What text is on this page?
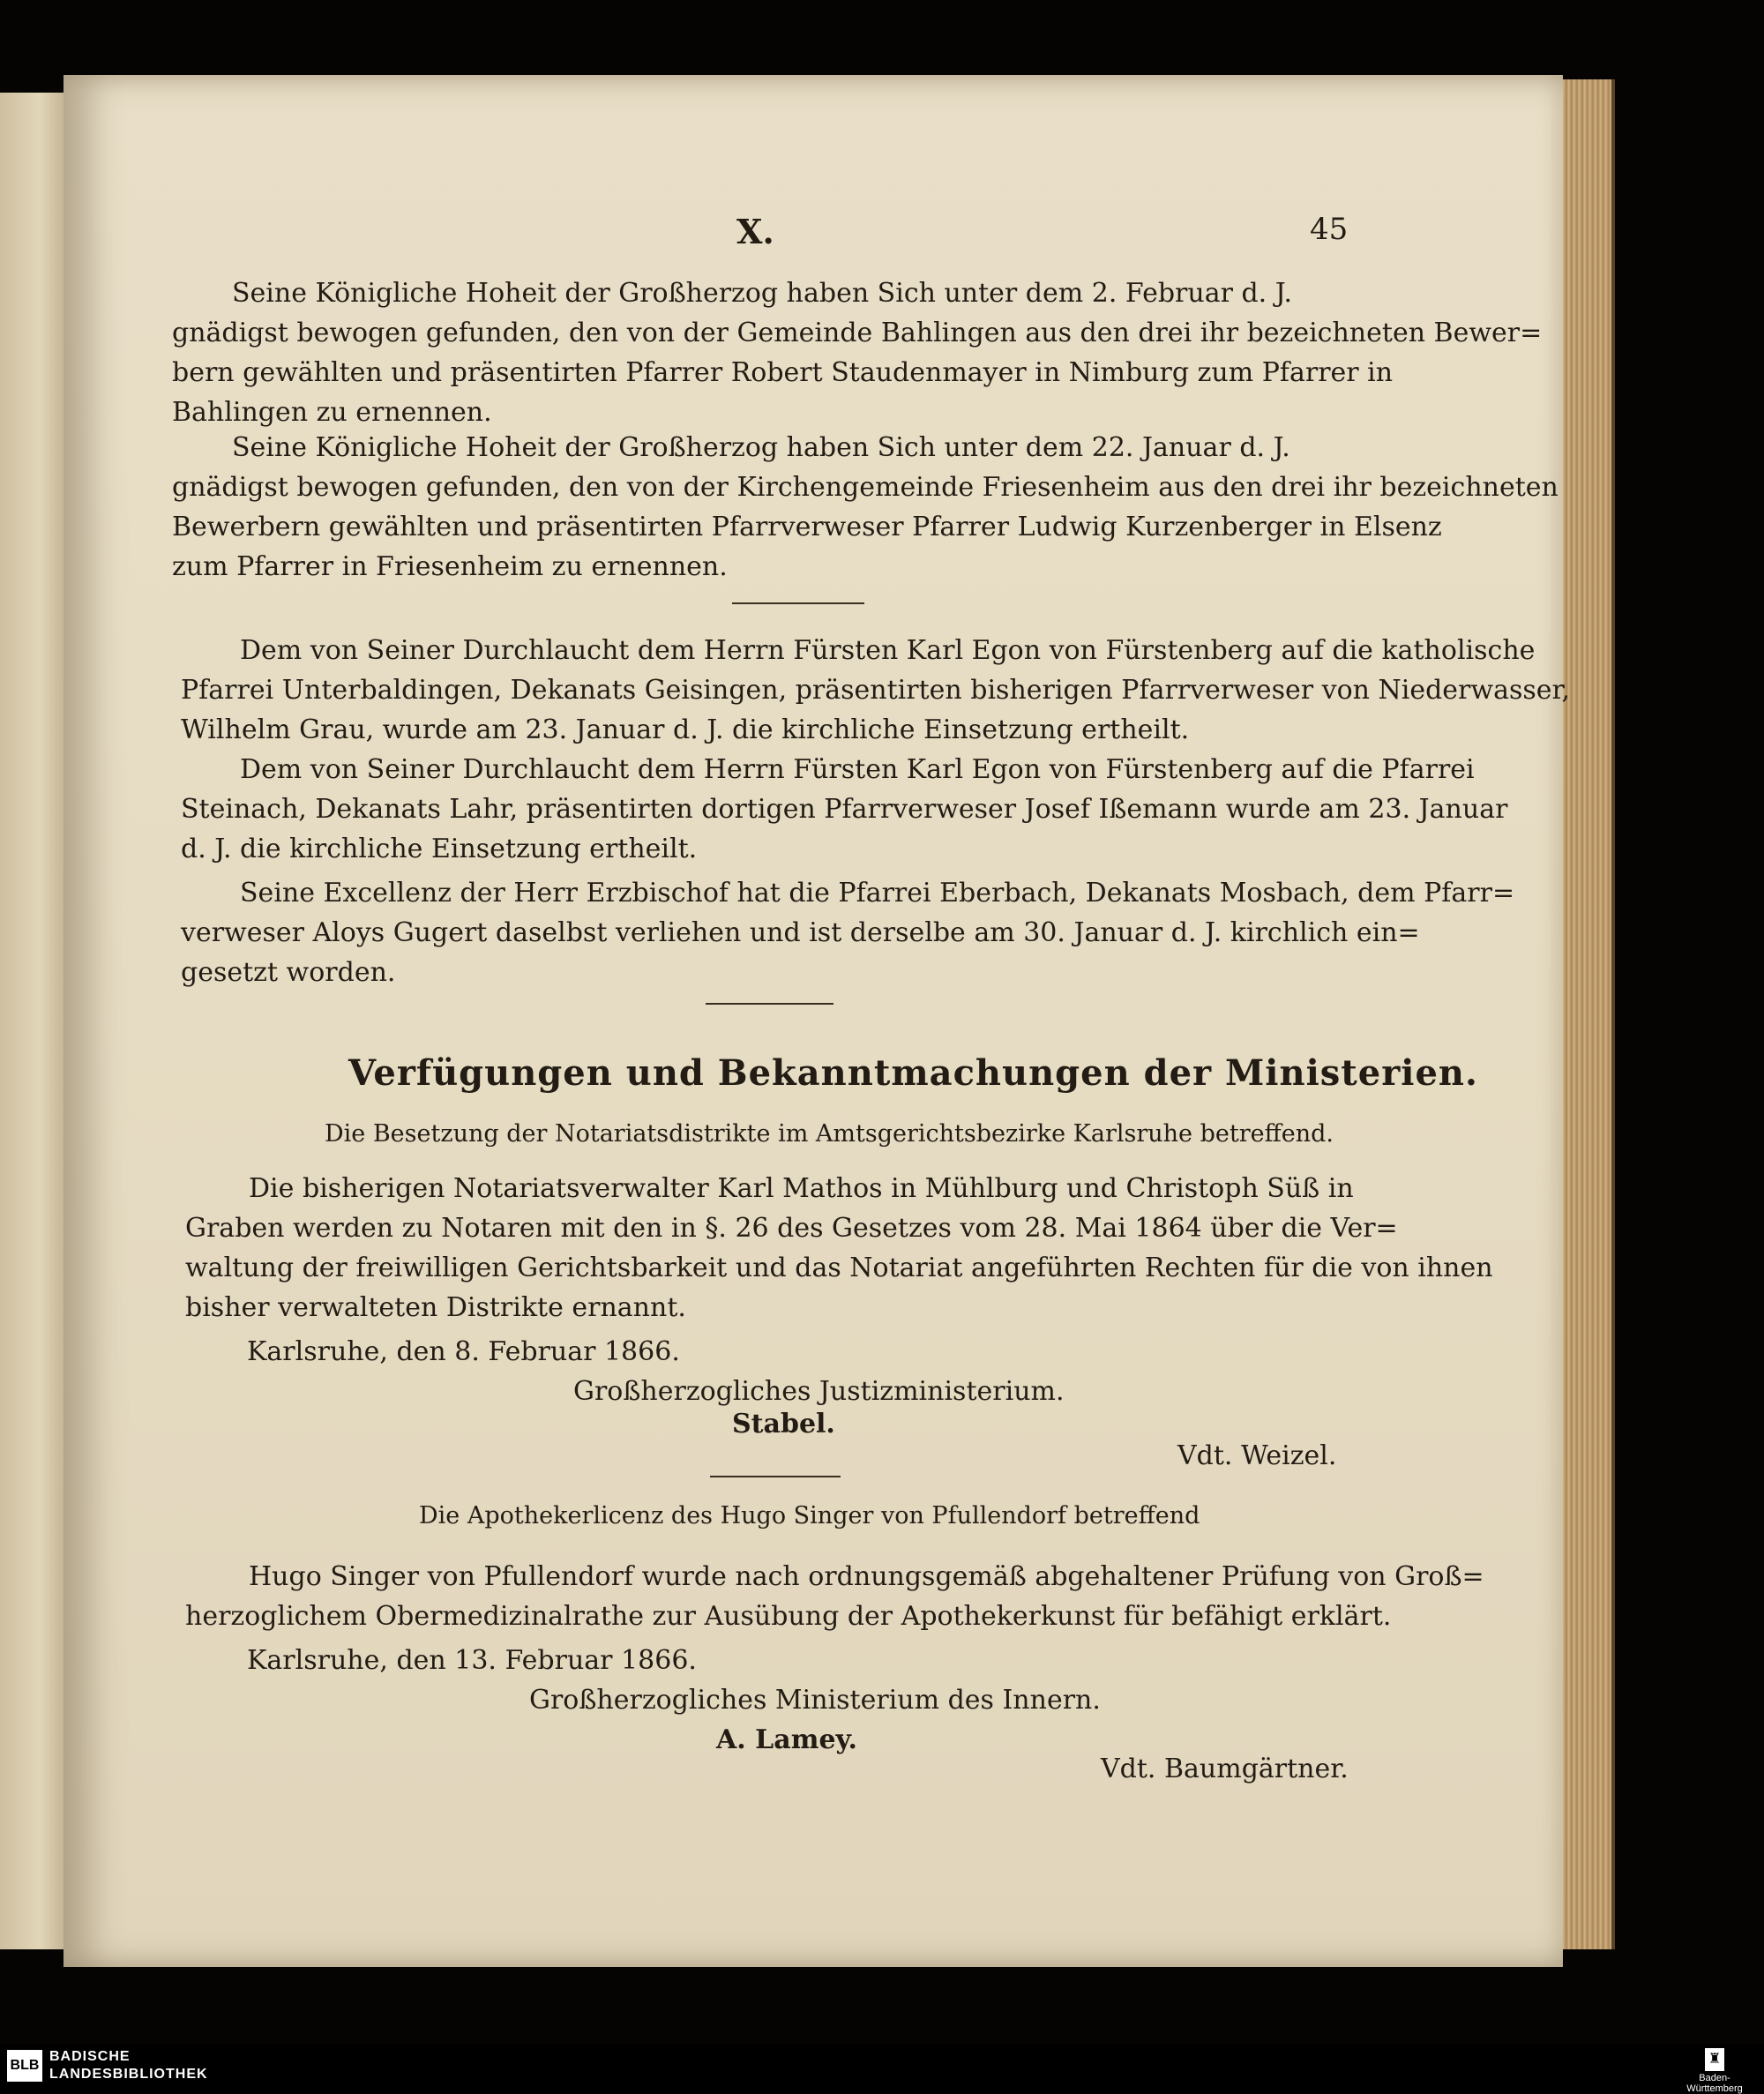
X.	45
Seine Königliche Hoheit der Großherzog haben Sich unter dem 2. Februar d. J.
gnädigst bewogen gefunden, den von der Gemeinde Bahlingen aus den drei ihr bezeichneten Bewer=
bern gewählten und präsentirten Pfarrer Robert Staudenmayer in Nimburg zum Pfarrer in
Bahlingen zu ernennen.
Seine Königliche Hoheit der Großherzog haben Sich unter dem 22. Januar d. J.
gnädigst bewogen gefunden, den von der Kirchengemeinde Friesenheim aus den drei ihr bezeichneten
Bewerbern gewählten und präsentirten Pfarrverweser Pfarrer Ludwig Kurzenberger in Elsenz
zum Pfarrer in Friesenheim zu ernennen.
Dem von Seiner Durchlaucht dem Herrn Fürsten Karl Egon von Fürstenberg auf die katholische
Pfarrei Unterbaldingen, Dekanats Geisingen, präsentirten bisherigen Pfarrverweser von Niederwasser,
Wilhelm Grau, wurde am 23. Januar d. J. die kirchliche Einsetzung ertheilt.
Dem von Seiner Durchlaucht dem Herrn Fürsten Karl Egon von Fürstenberg auf die Pfarrei
Steinach, Dekanats Lahr, präsentirten dortigen Pfarrverweser Josef Ißemann wurde am 23. Januar
d. J. die kirchliche Einsetzung ertheilt.
Seine Excellenz der Herr Erzbischof hat die Pfarrei Eberbach, Dekanats Mosbach, dem Pfarr=
verweser Aloys Gugert daselbst verliehen und ist derselbe am 30. Januar d. J. kirchlich ein=
gesetzt worden.
Verfügungen und Bekanntmachungen der Ministerien.
Die Besetzung der Notariatsdistrikte im Amtsgerichtsbezirke Karlsruhe betreffend.
Die bisherigen Notariatsverwalter Karl Mathos in Mühlburg und Christoph Süß in
Graben werden zu Notaren mit den in §. 26 des Gesetzes vom 28. Mai 1864 über die Ver=
waltung der freiwilligen Gerichtsbarkeit und das Notariat angeführten Rechten für die von ihnen
bisher verwalteten Distrikte ernannt.
Karlsruhe, den 8. Februar 1866.
Großherzogliches Justizministerium.
Stabel.
Vdt. Weizel.
Die Apothekerlicenz des Hugo Singer von Pfullendorf betreffend
Hugo Singer von Pfullendorf wurde nach ordnungsgemäß abgehaltener Prüfung von Groß=
herzoglichem Obermedizinalrathe zur Ausübung der Apothekerkunst für befähigt erklärt.
Karlsruhe, den 13. Februar 1866.
Großherzogliches Ministerium des Innern.
A. Lamey.
Vdt. Baumgärtner.
BLB
BADISCHE
LANDESBIBLIOTHEK
♜
Baden-Württemberg
